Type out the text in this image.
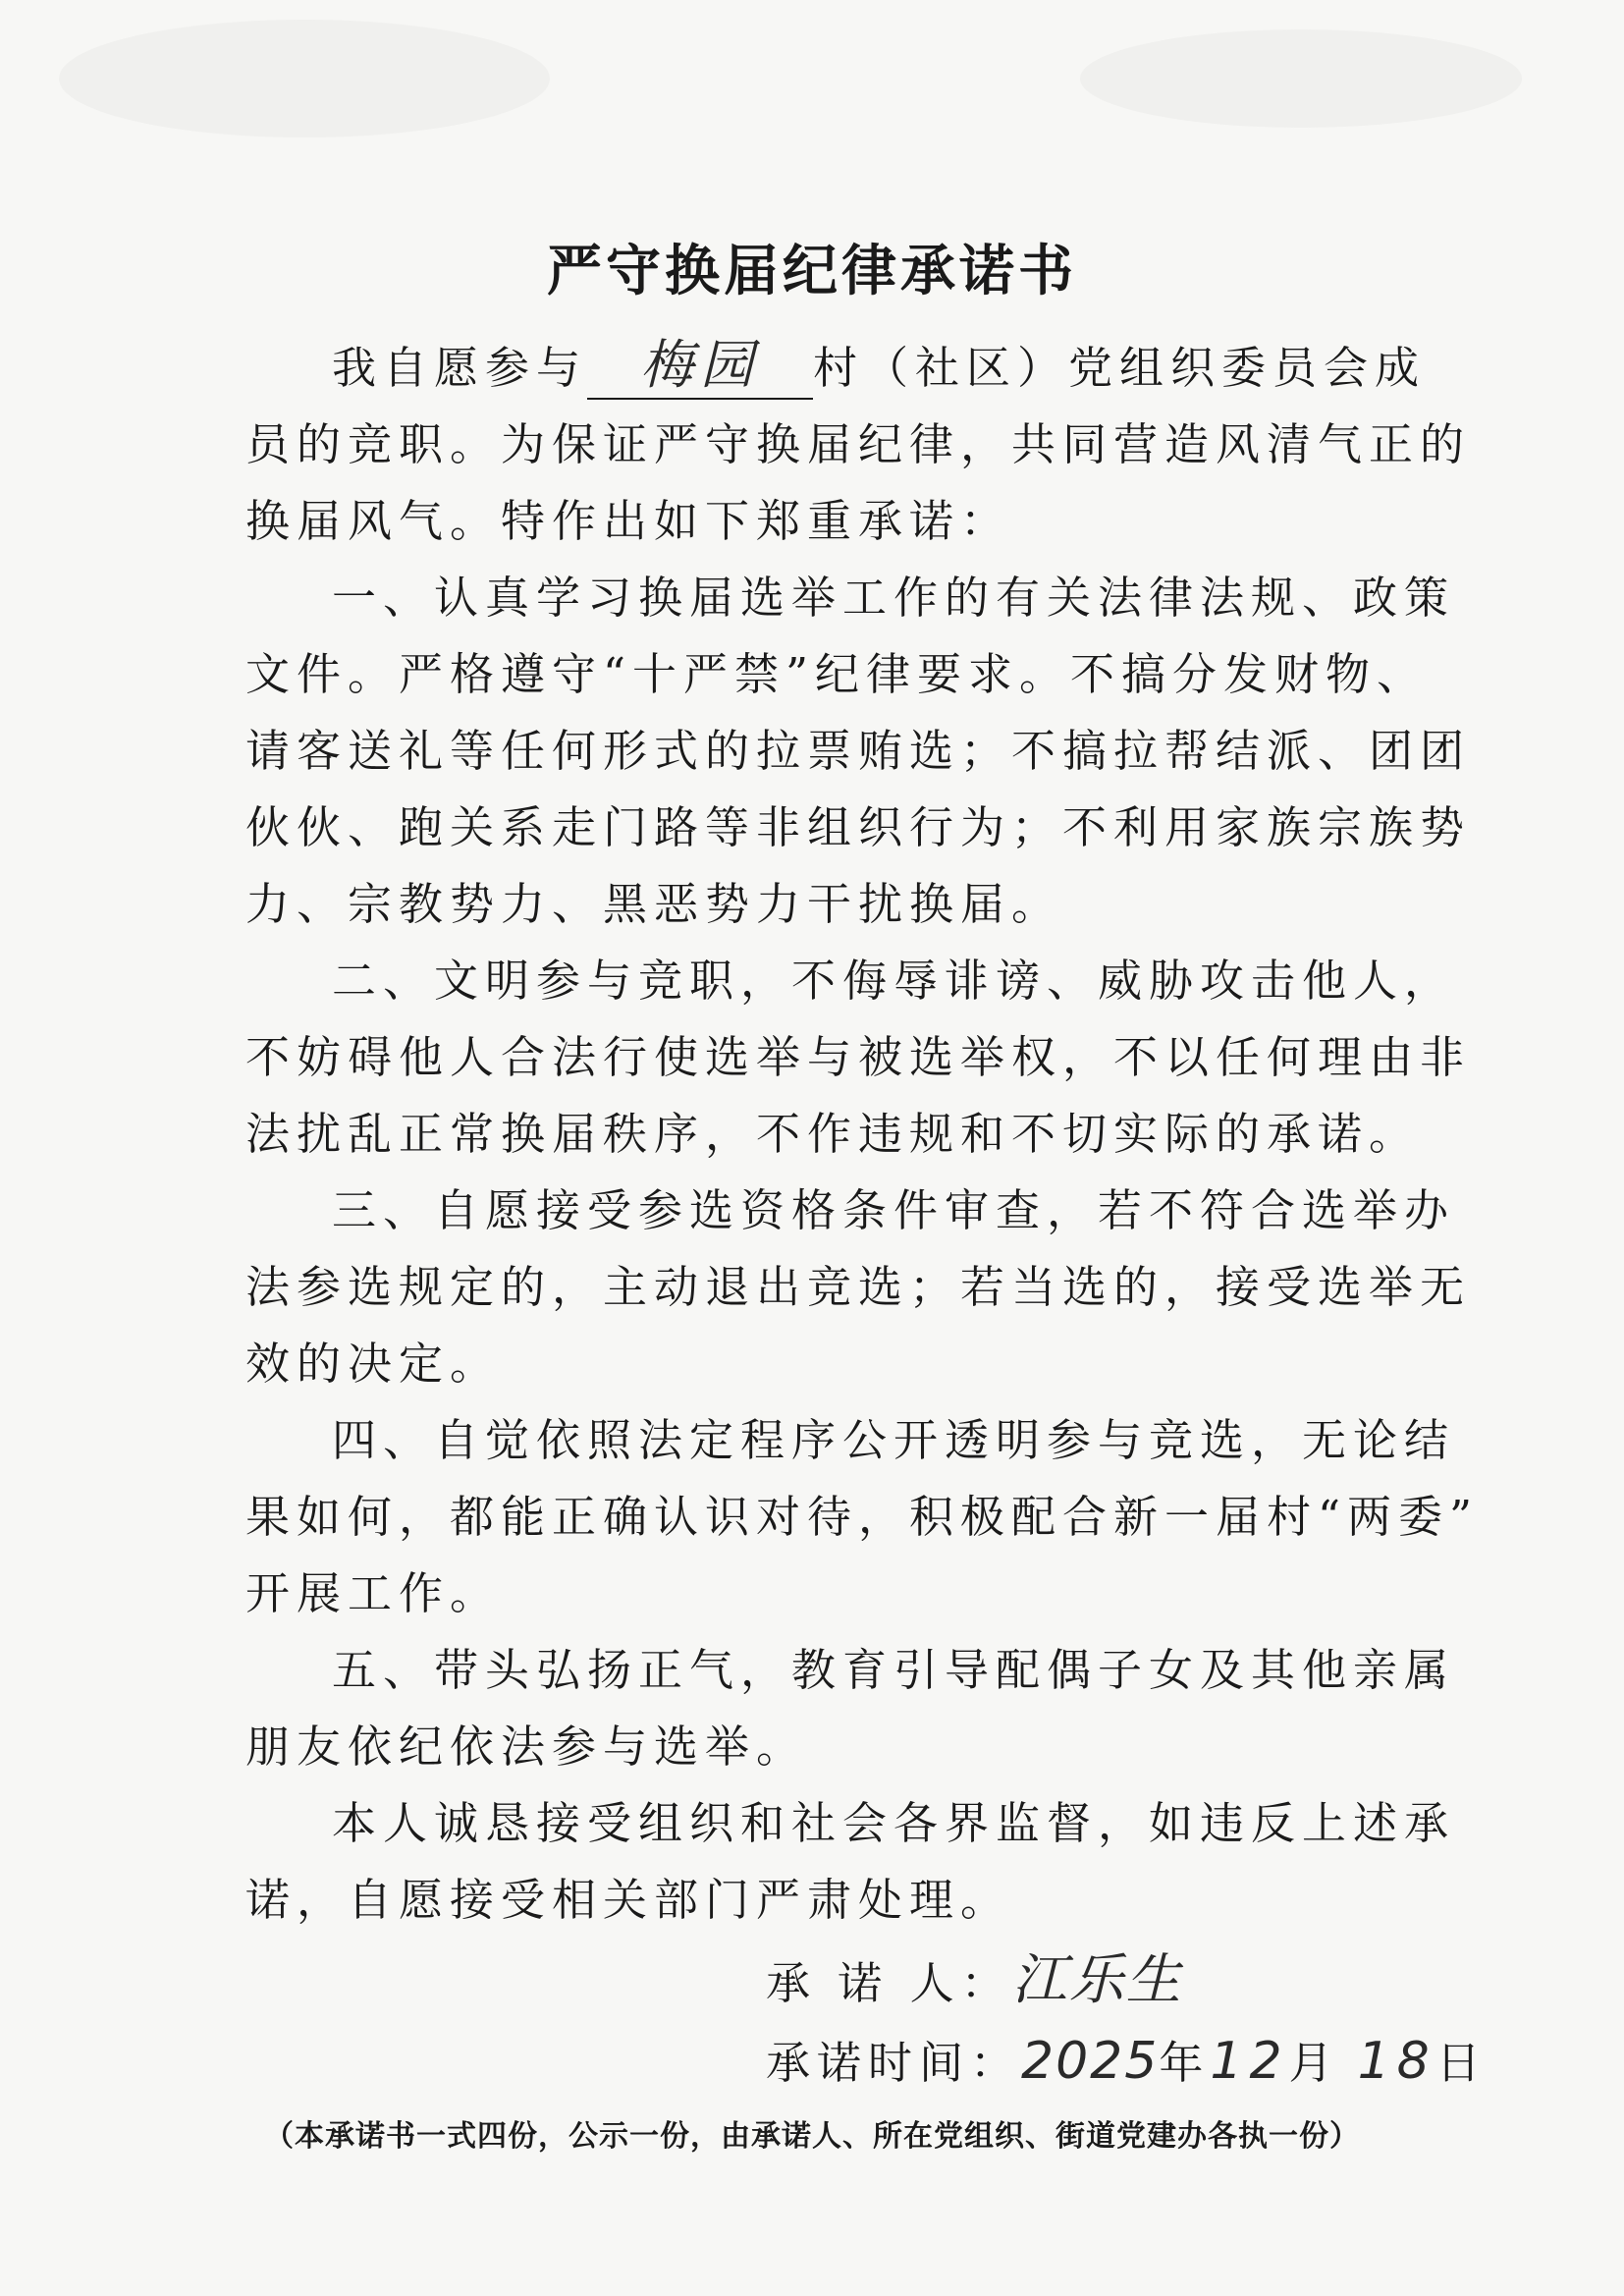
严守换届纪律承诺书
我自愿参与 梅园 村（社区）党组织委员会成
员的竞职。为保证严守换届纪律，共同营造风清气正的
换届风气。特作出如下郑重承诺：
一、认真学习换届选举工作的有关法律法规、政策
文件。严格遵守“十严禁”纪律要求。不搞分发财物、
请客送礼等任何形式的拉票贿选；不搞拉帮结派、团团
伙伙、跑关系走门路等非组织行为；不利用家族宗族势
力、宗教势力、黑恶势力干扰换届。
二、文明参与竞职，不侮辱诽谤、威胁攻击他人，
不妨碍他人合法行使选举与被选举权，不以任何理由非
法扰乱正常换届秩序，不作违规和不切实际的承诺。
三、自愿接受参选资格条件审查，若不符合选举办
法参选规定的，主动退出竞选；若当选的，接受选举无
效的决定。
四、自觉依照法定程序公开透明参与竞选，无论结
果如何，都能正确认识对待，积极配合新一届村“两委”
开展工作。
五、带头弘扬正气，教育引导配偶子女及其他亲属
朋友依纪依法参与选举。
本人诚恳接受组织和社会各界监督，如违反上述承
诺，自愿接受相关部门严肃处理。
承 诺 人：江乐生
承诺时间：2025年12月 18日
（本承诺书一式四份，公示一份，由承诺人、所在党组织、街道党建办各执一份）
